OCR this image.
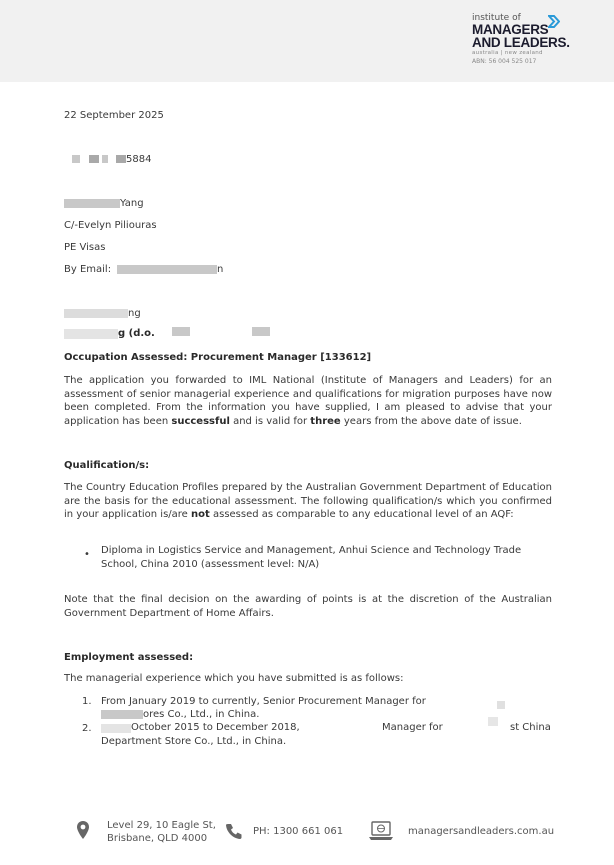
institute of
MANAGERS
AND LEADERS.
australia | new zealand
ABN: 56 004 525 017
22 September 2025
5884
Yang
C/-Evelyn Piliouras
PE Visas
By Email:	n
ng
g (d.o.
Occupation Assessed: Procurement Manager [133612]
The application you forwarded to IML National (Institute of Managers and Leaders) for an assessment of senior managerial experience and qualifications for migration purposes have now been completed. From the information you have supplied, I am pleased to advise that your application has been successful and is valid for three years from the above date of issue.
Qualification/s:
The Country Education Profiles prepared by the Australian Government Department of Education are the basis for the educational assessment. The following qualification/s which you confirmed in your application is/are not assessed as comparable to any educational level of an AQF:
• Diploma in Logistics Service and Management, Anhui Science and Technology Trade School, China 2010 (assessment level: N/A)
Note that the final decision on the awarding of points is at the discretion of the Australian Government Department of Home Affairs.
Employment assessed:
The managerial experience which you have submitted is as follows:
1. From January 2019 to currently, Senior Procurement Manager for
ores Co., Ltd., in China.
2.	October 2015 to December 2018,	Manager for	st China
Department Store Co., Ltd., in China.
Level 29, 10 Eagle St,
Brisbane, QLD 4000
PH: 1300 661 061	managersandleaders.com.au
